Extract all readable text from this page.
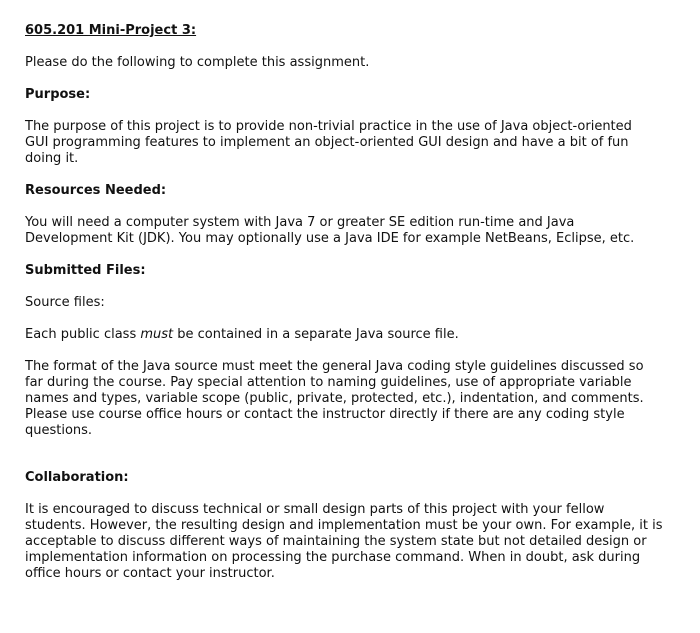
605.201 Mini-Project 3:

Please do the following to complete this assignment.

Purpose:

The purpose of this project is to provide non-trivial practice in the use of Java object-oriented GUI programming features to implement an object-oriented GUI design and have a bit of fun doing it.

Resources Needed:

You will need a computer system with Java 7 or greater SE edition run-time and Java Development Kit (JDK). You may optionally use a Java IDE for example NetBeans, Eclipse, etc.

Submitted Files:

Source files:

Each public class must be contained in a separate Java source file.

The format of the Java source must meet the general Java coding style guidelines discussed so far during the course. Pay special attention to naming guidelines, use of appropriate variable names and types, variable scope (public, private, protected, etc.), indentation, and comments. Please use course office hours or contact the instructor directly if there are any coding style questions.

Collaboration:

It is encouraged to discuss technical or small design parts of this project with your fellow students. However, the resulting design and implementation must be your own. For example, it is acceptable to discuss different ways of maintaining the system state but not detailed design or implementation information on processing the purchase command. When in doubt, ask during office hours or contact your instructor.
